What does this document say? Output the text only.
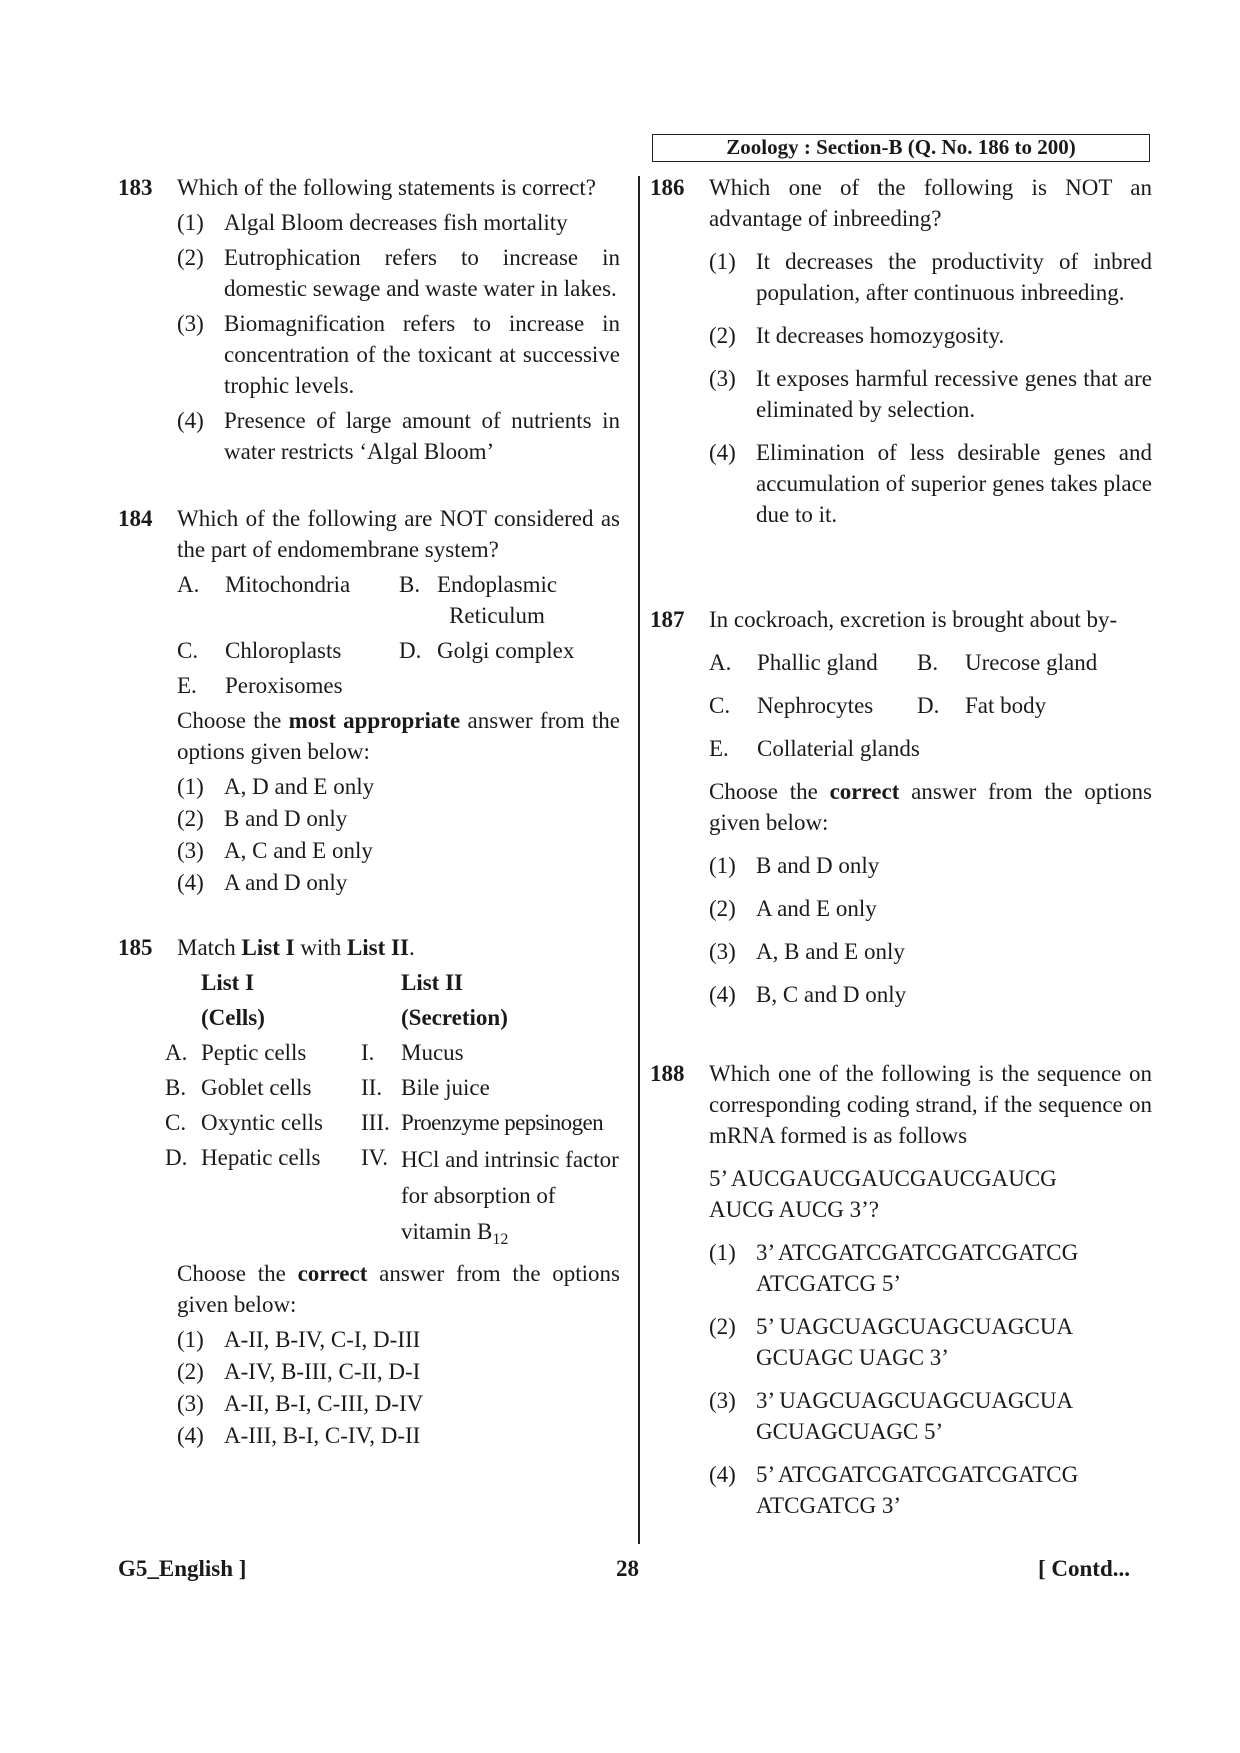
Zoology : Section-B (Q. No. 186 to 200)
183 Which of the following statements is correct?
(1) Algal Bloom decreases fish mortality
(2) Eutrophication refers to increase in domestic sewage and waste water in lakes.
(3) Biomagnification refers to increase in concentration of the toxicant at successive trophic levels.
(4) Presence of large amount of nutrients in water restricts ‘Algal Bloom’
184 Which of the following are NOT considered as the part of endomembrane system?
A.	Mitochondria	B. Endoplasmic Reticulum
C.	Chloroplasts	D. Golgi complex
E.	Peroxisomes
Choose the most appropriate answer from the options given below:
(1) A, D and E only
(2) B and D only
(3) A, C and E only
(4) A and D only
185 Match List I with List II.
List I	List II
(Cells)	(Secretion)
A. Peptic cells	I.	Mucus
B. Goblet cells	II. Bile juice
C. Oxyntic cells	III. Proenzyme pepsinogen
D. Hepatic cells	IV. HCl and intrinsic factor for absorption of vitamin $B_{12}$
Choose the correct answer from the options given below:
(1) A-II, B-IV, C-I, D-III
(2) A-IV, B-III, C-II, D-I
(3) A-II, B-I, C-III, D-IV
(4) A-III, B-I, C-IV, D-II
186 Which one of the following is NOT an advantage of inbreeding?
(1) It decreases the productivity of inbred population, after continuous inbreeding.
(2) It decreases homozygosity.
(3) It exposes harmful recessive genes that are eliminated by selection.
(4) Elimination of less desirable genes and accumulation of superior genes takes place due to it.
187 In cockroach, excretion is brought about by-
A.	Phallic gland	B.	Urecose gland
C.	Nephrocytes	D.	Fat body
E.	Collaterial glands
Choose the correct answer from the options given below:
(1) B and D only
(2) A and E only
(3) A, B and E only
(4) B, C and D only
188 Which one of the following is the sequence on corresponding coding strand, if the sequence on mRNA formed is as follows
5’ AUCGAUCGAUCGAUCGAUCG
AUCG AUCG 3’?
(1) 3’ ATCGATCGATCGATCGATCG
ATCGATCG 5’
(2) 5’ UAGCUAGCUAGCUAGCUA
GCUAGC UAGC 3’
(3) 3’ UAGCUAGCUAGCUAGCUA
GCUAGCUAGC 5’
(4) 5’ ATCGATCGATCGATCGATCG
ATCGATCG 3’
G5_English ]	28	[ Contd...
